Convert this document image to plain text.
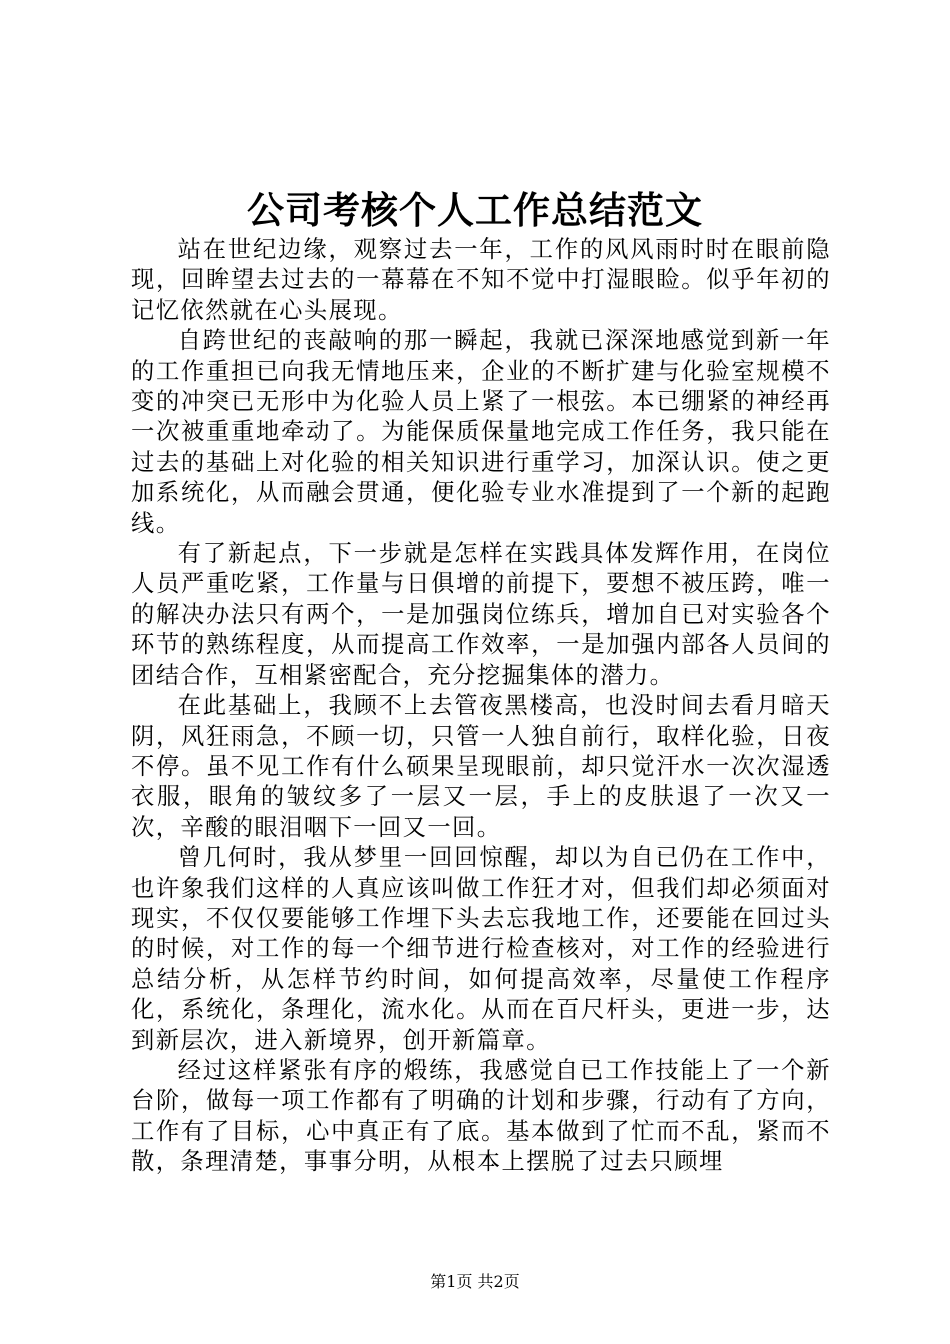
公司考核个人工作总结范文

站在世纪边缘，观察过去一年，工作的风风雨时时在眼前隐现，回眸望去过去的一幕幕在不知不觉中打湿眼睑。似乎年初的记忆依然就在心头展现。

自跨世纪的丧敲响的那一瞬起，我就已深深地感觉到新一年的工作重担已向我无情地压来，企业的不断扩建与化验室规模不变的冲突已无形中为化验人员上紧了一根弦。本已绷紧的神经再一次被重重地牵动了。为能保质保量地完成工作任务，我只能在过去的基础上对化验的相关知识进行重学习，加深认识。使之更加系统化，从而融会贯通，便化验专业水准提到了一个新的起跑线。

有了新起点，下一步就是怎样在实践具体发辉作用，在岗位人员严重吃紧，工作量与日俱增的前提下，要想不被压跨，唯一的解决办法只有两个，一是加强岗位练兵，增加自已对实验各个环节的熟练程度，从而提高工作效率，一是加强内部各人员间的团结合作，互相紧密配合，充分挖掘集体的潜力。

在此基础上，我顾不上去管夜黑楼高，也没时间去看月暗天阴，风狂雨急，不顾一切，只管一人独自前行，取样化验，日夜不停。虽不见工作有什么硕果呈现眼前，却只觉汗水一次次湿透衣服，眼角的皱纹多了一层又一层，手上的皮肤退了一次又一次，辛酸的眼泪咽下一回又一回。

曾几何时，我从梦里一回回惊醒，却以为自已仍在工作中，也许象我们这样的人真应该叫做工作狂才对，但我们却必须面对现实，不仅仅要能够工作埋下头去忘我地工作，还要能在回过头的时候，对工作的每一个细节进行检查核对，对工作的经验进行总结分析，从怎样节约时间，如何提高效率，尽量使工作程序化，系统化，条理化，流水化。从而在百尺杆头，更进一步，达到新层次，进入新境界，创开新篇章。

经过这样紧张有序的煅练，我感觉自已工作技能上了一个新台阶，做每一项工作都有了明确的计划和步骤，行动有了方向，工作有了目标，心中真正有了底。基本做到了忙而不乱，紧而不散，条理清楚，事事分明，从根本上摆脱了过去只顾埋

第1页 共2页
